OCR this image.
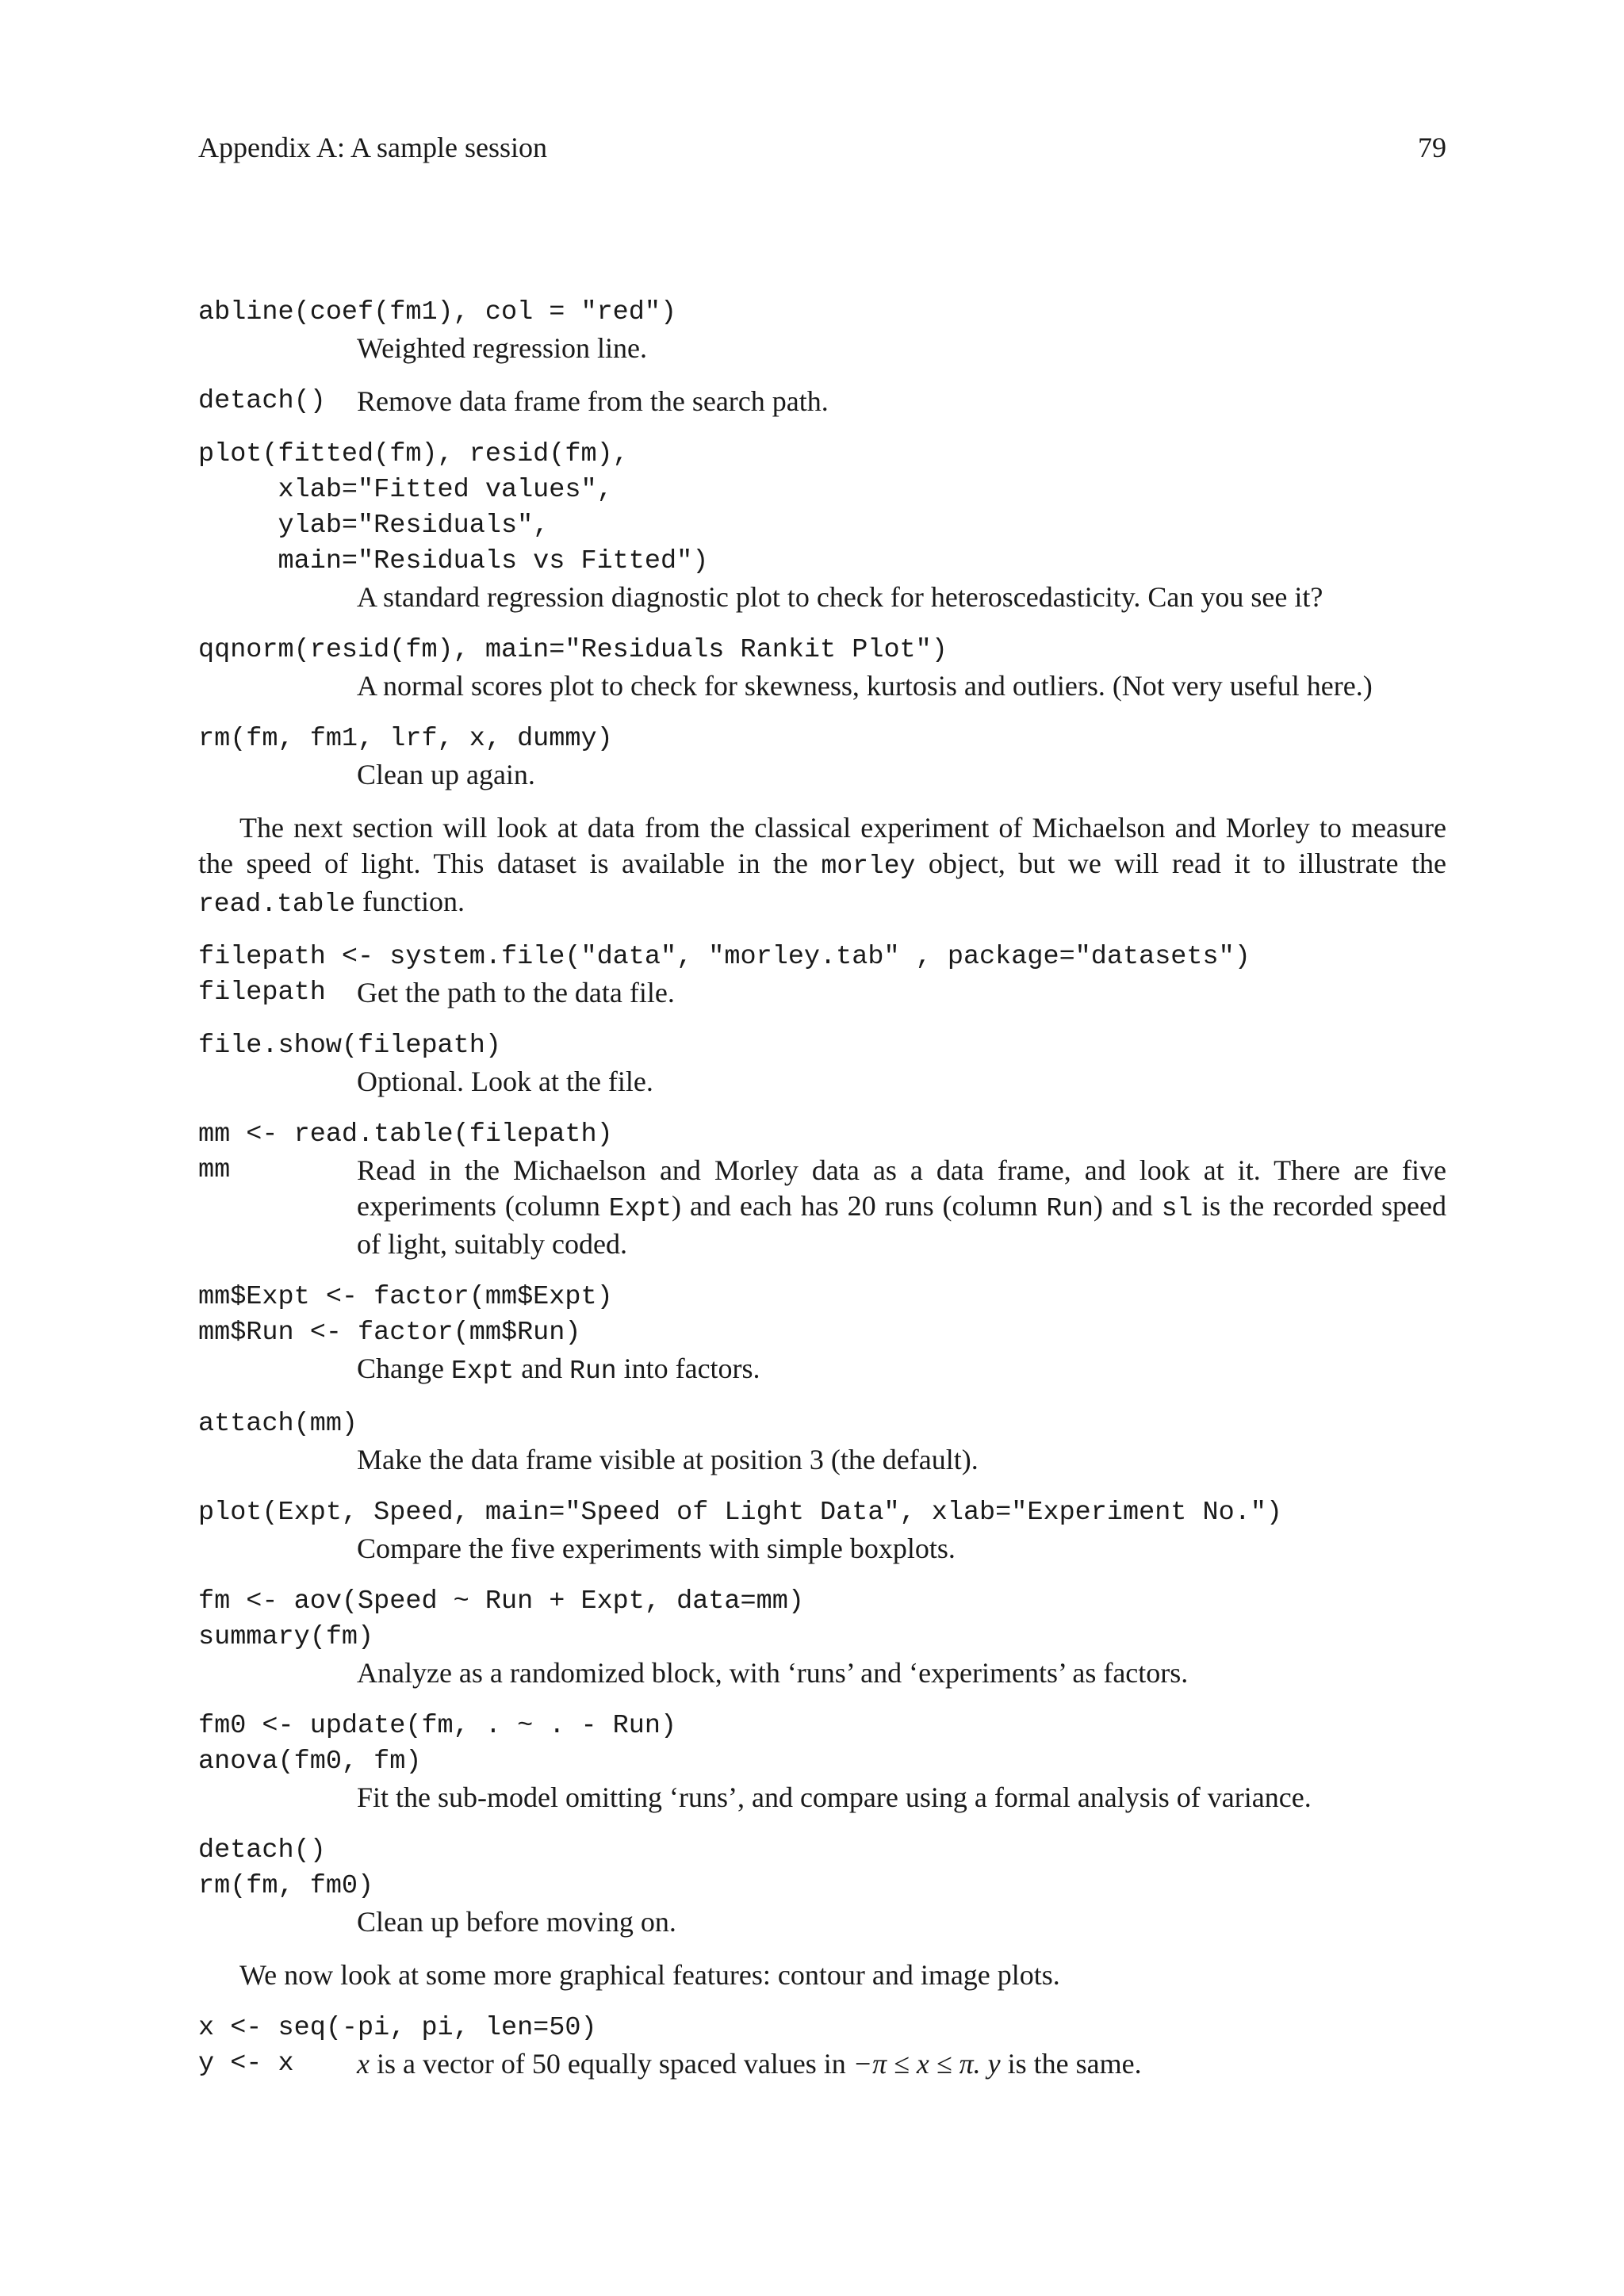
Appendix A: A sample session	79
abline(coef(fm1), col = "red")
Weighted regression line.
detach()	Remove data frame from the search path.
plot(fitted(fm), resid(fm),
xlab="Fitted values",
ylab="Residuals",
main="Residuals vs Fitted")
A standard regression diagnostic plot to check for heteroscedasticity. Can you see it?
qqnorm(resid(fm), main="Residuals Rankit Plot")
A normal scores plot to check for skewness, kurtosis and outliers. (Not very useful here.)
rm(fm, fm1, lrf, x, dummy)
Clean up again.
The next section will look at data from the classical experiment of Michaelson and Morley to measure the speed of light. This dataset is available in the morley object, but we will read it to illustrate the read.table function.
filepath <- system.file("data", "morley.tab" , package="datasets")
filepath	Get the path to the data file.
file.show(filepath)
Optional. Look at the file.
mm <- read.table(filepath)
mm	Read in the Michaelson and Morley data as a data frame, and look at it. There are five experiments (column Expt) and each has 20 runs (column Run) and sl is the recorded speed of light, suitably coded.
mm$Expt <- factor(mm$Expt)
mm$Run <- factor(mm$Run)
Change Expt and Run into factors.
attach(mm)
Make the data frame visible at position 3 (the default).
plot(Expt, Speed, main="Speed of Light Data", xlab="Experiment No.")
Compare the five experiments with simple boxplots.
fm <- aov(Speed ~ Run + Expt, data=mm)
summary(fm)
Analyze as a randomized block, with ‘runs’ and ‘experiments’ as factors.
fm0 <- update(fm, . ~ . - Run)
anova(fm0, fm)
Fit the sub-model omitting ‘runs’, and compare using a formal analysis of variance.
detach()
rm(fm, fm0)
Clean up before moving on.
We now look at some more graphical features: contour and image plots.
x <- seq(-pi, pi, len=50)
y <- x	x is a vector of 50 equally spaced values in −π ≤ x ≤ π. y is the same.
